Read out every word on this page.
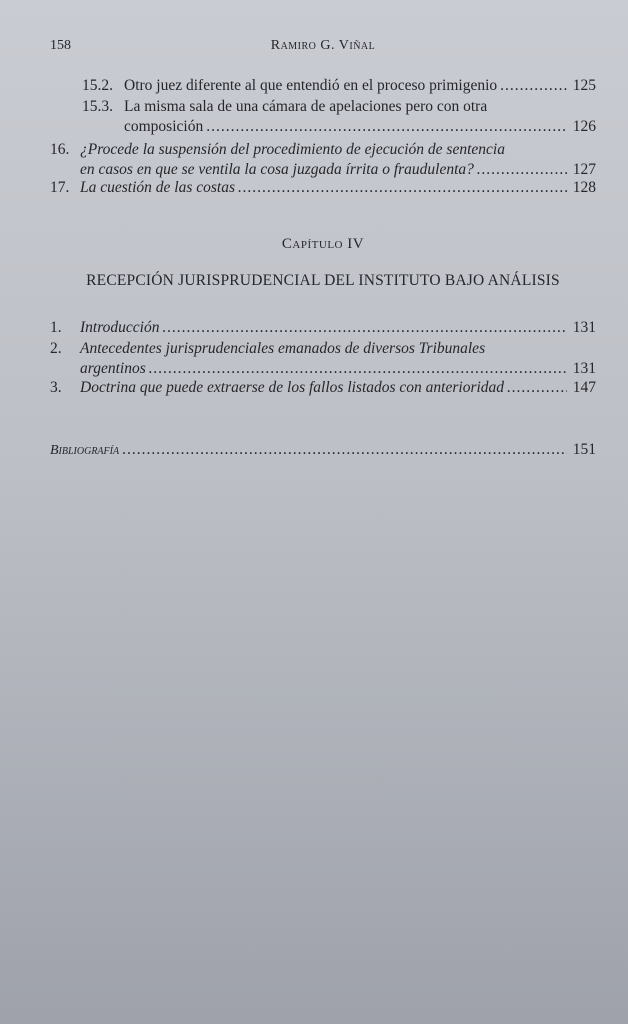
158	Ramiro G. Viñal
15.2. Otro juez diferente al que entendió en el proceso primigenio .....	125
15.3. La misma sala de una cámara de apelaciones pero con otra
composición .....	126
16. ¿Procede la suspensión del procedimiento de ejecución de sentencia
en casos en que se ventila la cosa juzgada írrita o fraudulenta? .....	127
17. La cuestión de las costas .....	128
Capítulo IV
RECEPCIÓN JURISPRUDENCIAL DEL INSTITUTO BAJO ANÁLISIS
1. Introducción .....	131
2. Antecedentes jurisprudenciales emanados de diversos Tribunales
argentinos .....	131
3. Doctrina que puede extraerse de los fallos listados con anterioridad .....	147
Bibliografía .....	151
